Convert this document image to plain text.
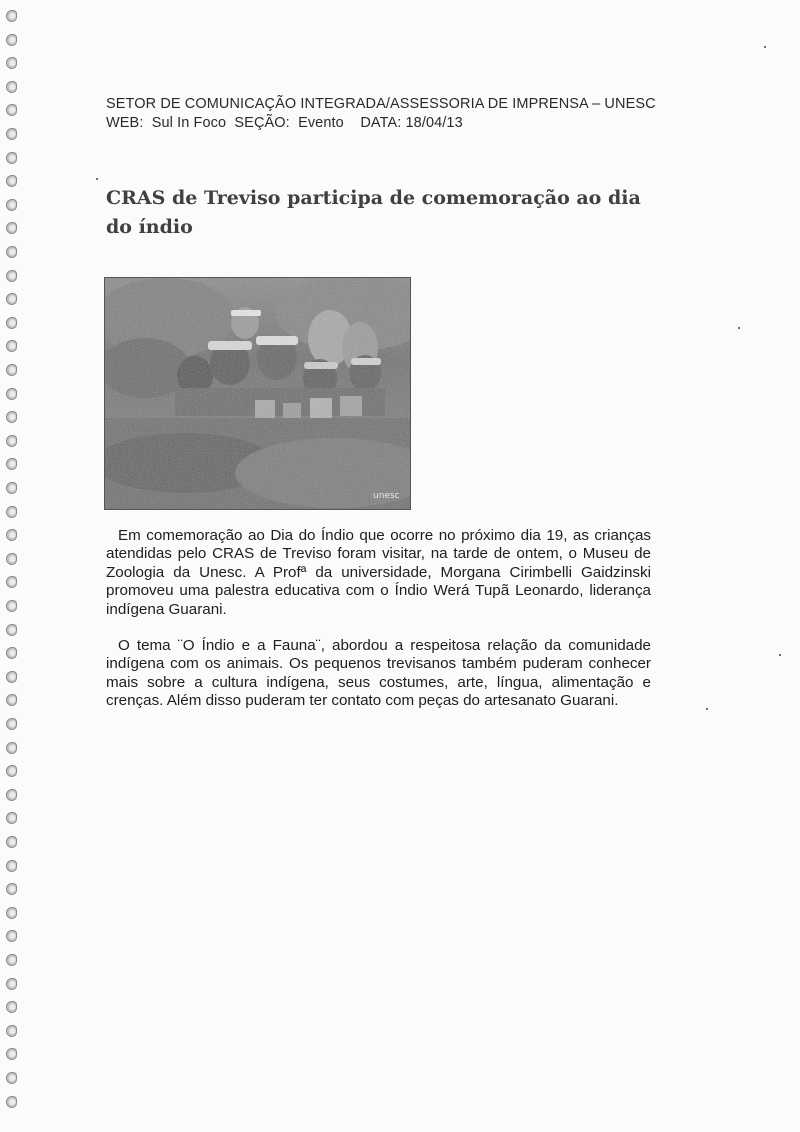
SETOR DE COMUNICAÇÃO INTEGRADA/ASSESSORIA DE IMPRENSA – UNESC
WEB:  Sul In Foco  SEÇÃO:  Evento    DATA: 18/04/13
CRAS de Treviso participa de comemoração ao dia do índio
unesc

Em comemoração ao Dia do Índio que ocorre no próximo dia 19, as crianças atendidas pelo CRAS de Treviso foram visitar, na tarde de ontem, o Museu de Zoologia da Unesc. A Profª da universidade, Morgana Cirimbelli Gaidzinski promoveu uma palestra educativa com o Índio Werá Tupã Leonardo, liderança indígena Guarani.

O tema ¨O Índio e a Fauna¨, abordou a respeitosa relação da comunidade indígena com os animais. Os pequenos trevisanos também puderam conhecer mais sobre a cultura indígena, seus costumes, arte, língua, alimentação e crenças. Além disso puderam ter contato com peças do artesanato Guarani.
